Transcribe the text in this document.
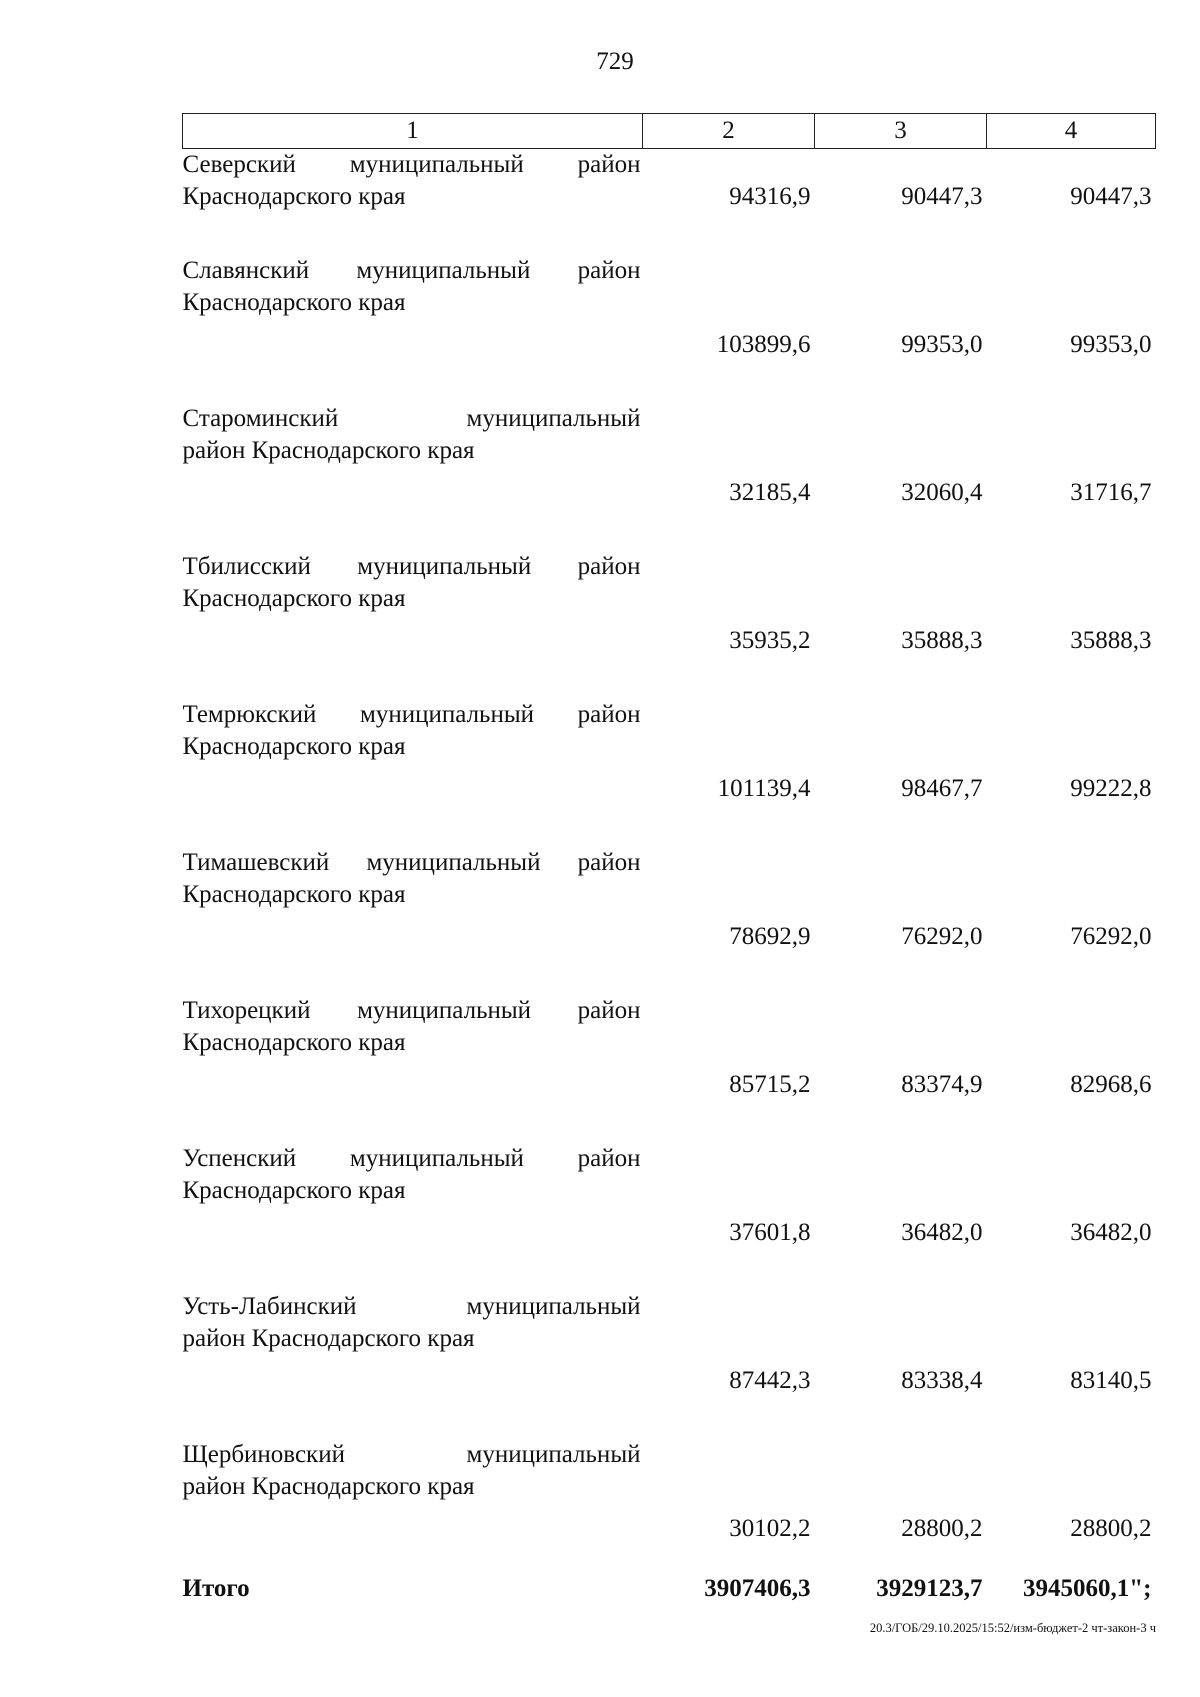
729
1	2	3	4

Северский муниципальный район
Краснодарского края	94316,9	90447,3	90447,3

Славянский муниципальный район
Краснодарского края	103899,6	99353,0	99353,0

Староминский муниципальный
район Краснодарского края	32185,4	32060,4	31716,7

Тбилисский муниципальный район
Краснодарского края	35935,2	35888,3	35888,3

Темрюкский муниципальный район
Краснодарского края	101139,4	98467,7	99222,8

Тимашевский муниципальный район
Краснодарского края	78692,9	76292,0	76292,0

Тихорецкий муниципальный район
Краснодарского края	85715,2	83374,9	82968,6

Успенский муниципальный район
Краснодарского края	37601,8	36482,0	36482,0

Усть-Лабинский муниципальный
район Краснодарского края	87442,3	83338,4	83140,5

Щербиновский муниципальный
район Краснодарского края	30102,2	28800,2	28800,2
Итого	3907406,3	3929123,7	3945060,1";
20.3/ГОБ/29.10.2025/15:52/изм-бюджет-2 чт-закон-3 ч
